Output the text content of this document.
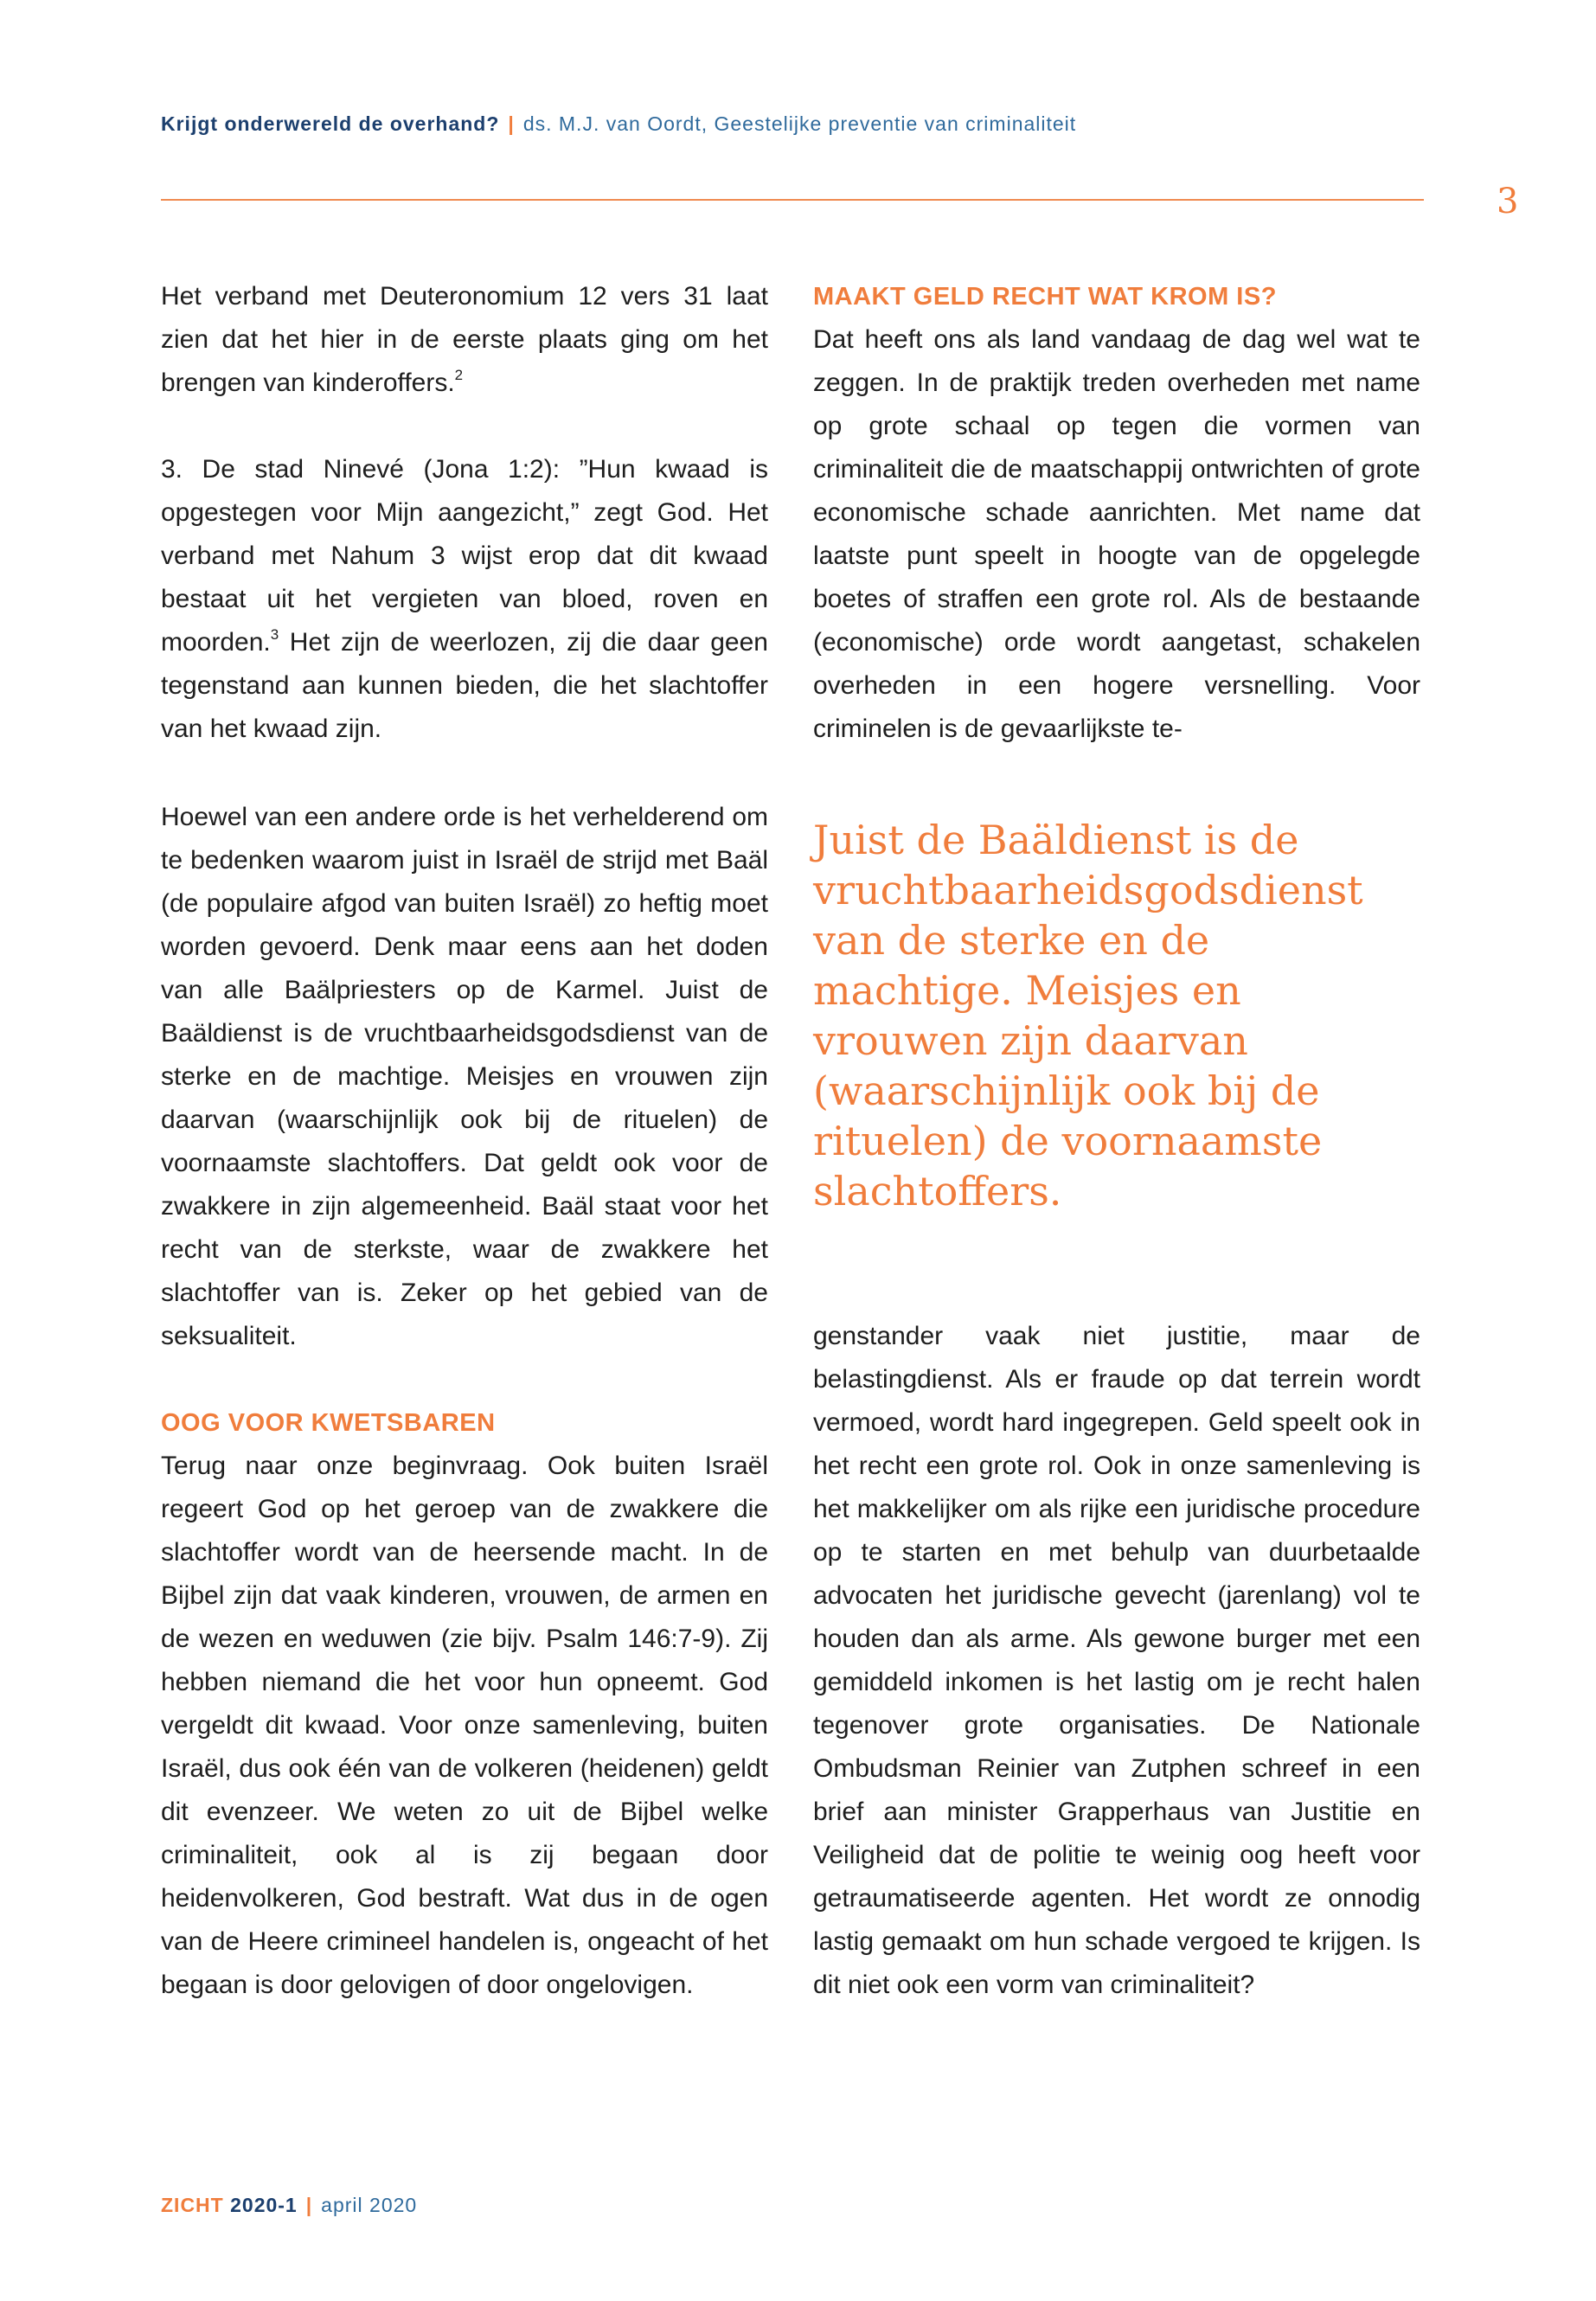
Krijgt onderwereld de overhand? | ds. M.J. van Oordt, Geestelijke preventie van criminaliteit
3

Het verband met Deuteronomium 12 vers 31 laat zien dat het hier in de eerste plaats ging om het brengen van kinderoffers.$^2$

3. De stad Ninevé (Jona 1:2): ”Hun kwaad is opgestegen voor Mijn aangezicht,” zegt God. Het verband met Nahum 3 wijst erop dat dit kwaad bestaat uit het vergieten van bloed, roven en moorden.$^3$ Het zijn de weerlozen, zij die daar geen tegenstand aan kunnen bieden, die het slachtoffer van het kwaad zijn.

Hoewel van een andere orde is het verhelderend om te bedenken waarom juist in Israël de strijd met Baäl (de populaire afgod van buiten Israël) zo heftig moet worden gevoerd. Denk maar eens aan het doden van alle Baälpriesters op de Karmel. Juist de Baäldienst is de vruchtbaarheidsgodsdienst van de sterke en de machtige. Meisjes en vrouwen zijn daarvan (waarschijnlijk ook bij de rituelen) de voornaamste slachtoffers. Dat geldt ook voor de zwakkere in zijn algemeenheid. Baäl staat voor het recht van de sterkste, waar de zwakkere het slachtoffer van is. Zeker op het gebied van de seksualiteit.

OOG VOOR KWETSBAREN

Terug naar onze beginvraag. Ook buiten Israël regeert God op het geroep van de zwakkere die slachtoffer wordt van de heersende macht. In de Bijbel zijn dat vaak kinderen, vrouwen, de armen en de wezen en weduwen (zie bijv. Psalm 146:7-9). Zij hebben niemand die het voor hun opneemt. God vergeldt dit kwaad. Voor onze samenleving, buiten Israël, dus ook één van de volkeren (heidenen) geldt dit evenzeer. We weten zo uit de Bijbel welke criminaliteit, ook al is zij begaan door heidenvolkeren, God bestraft. Wat dus in de ogen van de Heere crimineel handelen is, ongeacht of het begaan is door gelovigen of door ongelovigen.

MAAKT GELD RECHT WAT KROM IS?

Dat heeft ons als land vandaag de dag wel wat te zeggen. In de praktijk treden overheden met name op grote schaal op tegen die vormen van criminaliteit die de maatschappij ontwrichten of grote economische schade aanrichten. Met name dat laatste punt speelt in hoogte van de opgelegde boetes of straffen een grote rol. Als de bestaande (economische) orde wordt aangetast, schakelen overheden in een hogere versnelling. Voor criminelen is de gevaarlijkste te-

Juist de Baäldienst is de vruchtbaarheidsgodsdienst van de sterke en de machtige. Meisjes en vrouwen zijn daarvan (waarschijnlijk ook bij de rituelen) de voornaamste slachtoffers.

genstander vaak niet justitie, maar de belastingdienst. Als er fraude op dat terrein wordt vermoed, wordt hard ingegrepen. Geld speelt ook in het recht een grote rol. Ook in onze samenleving is het makkelijker om als rijke een juridische procedure op te starten en met behulp van duurbetaalde advocaten het juridische gevecht (jarenlang) vol te houden dan als arme. Als gewone burger met een gemiddeld inkomen is het lastig om je recht halen tegenover grote organisaties. De Nationale Ombudsman Reinier van Zutphen schreef in een brief aan minister Grapperhaus van Justitie en Veiligheid dat de politie te weinig oog heeft voor getraumatiseerde agenten. Het wordt ze onnodig lastig gemaakt om hun schade vergoed te krijgen. Is dit niet ook een vorm van criminaliteit?

ZICHT 2020-1 | april 2020
